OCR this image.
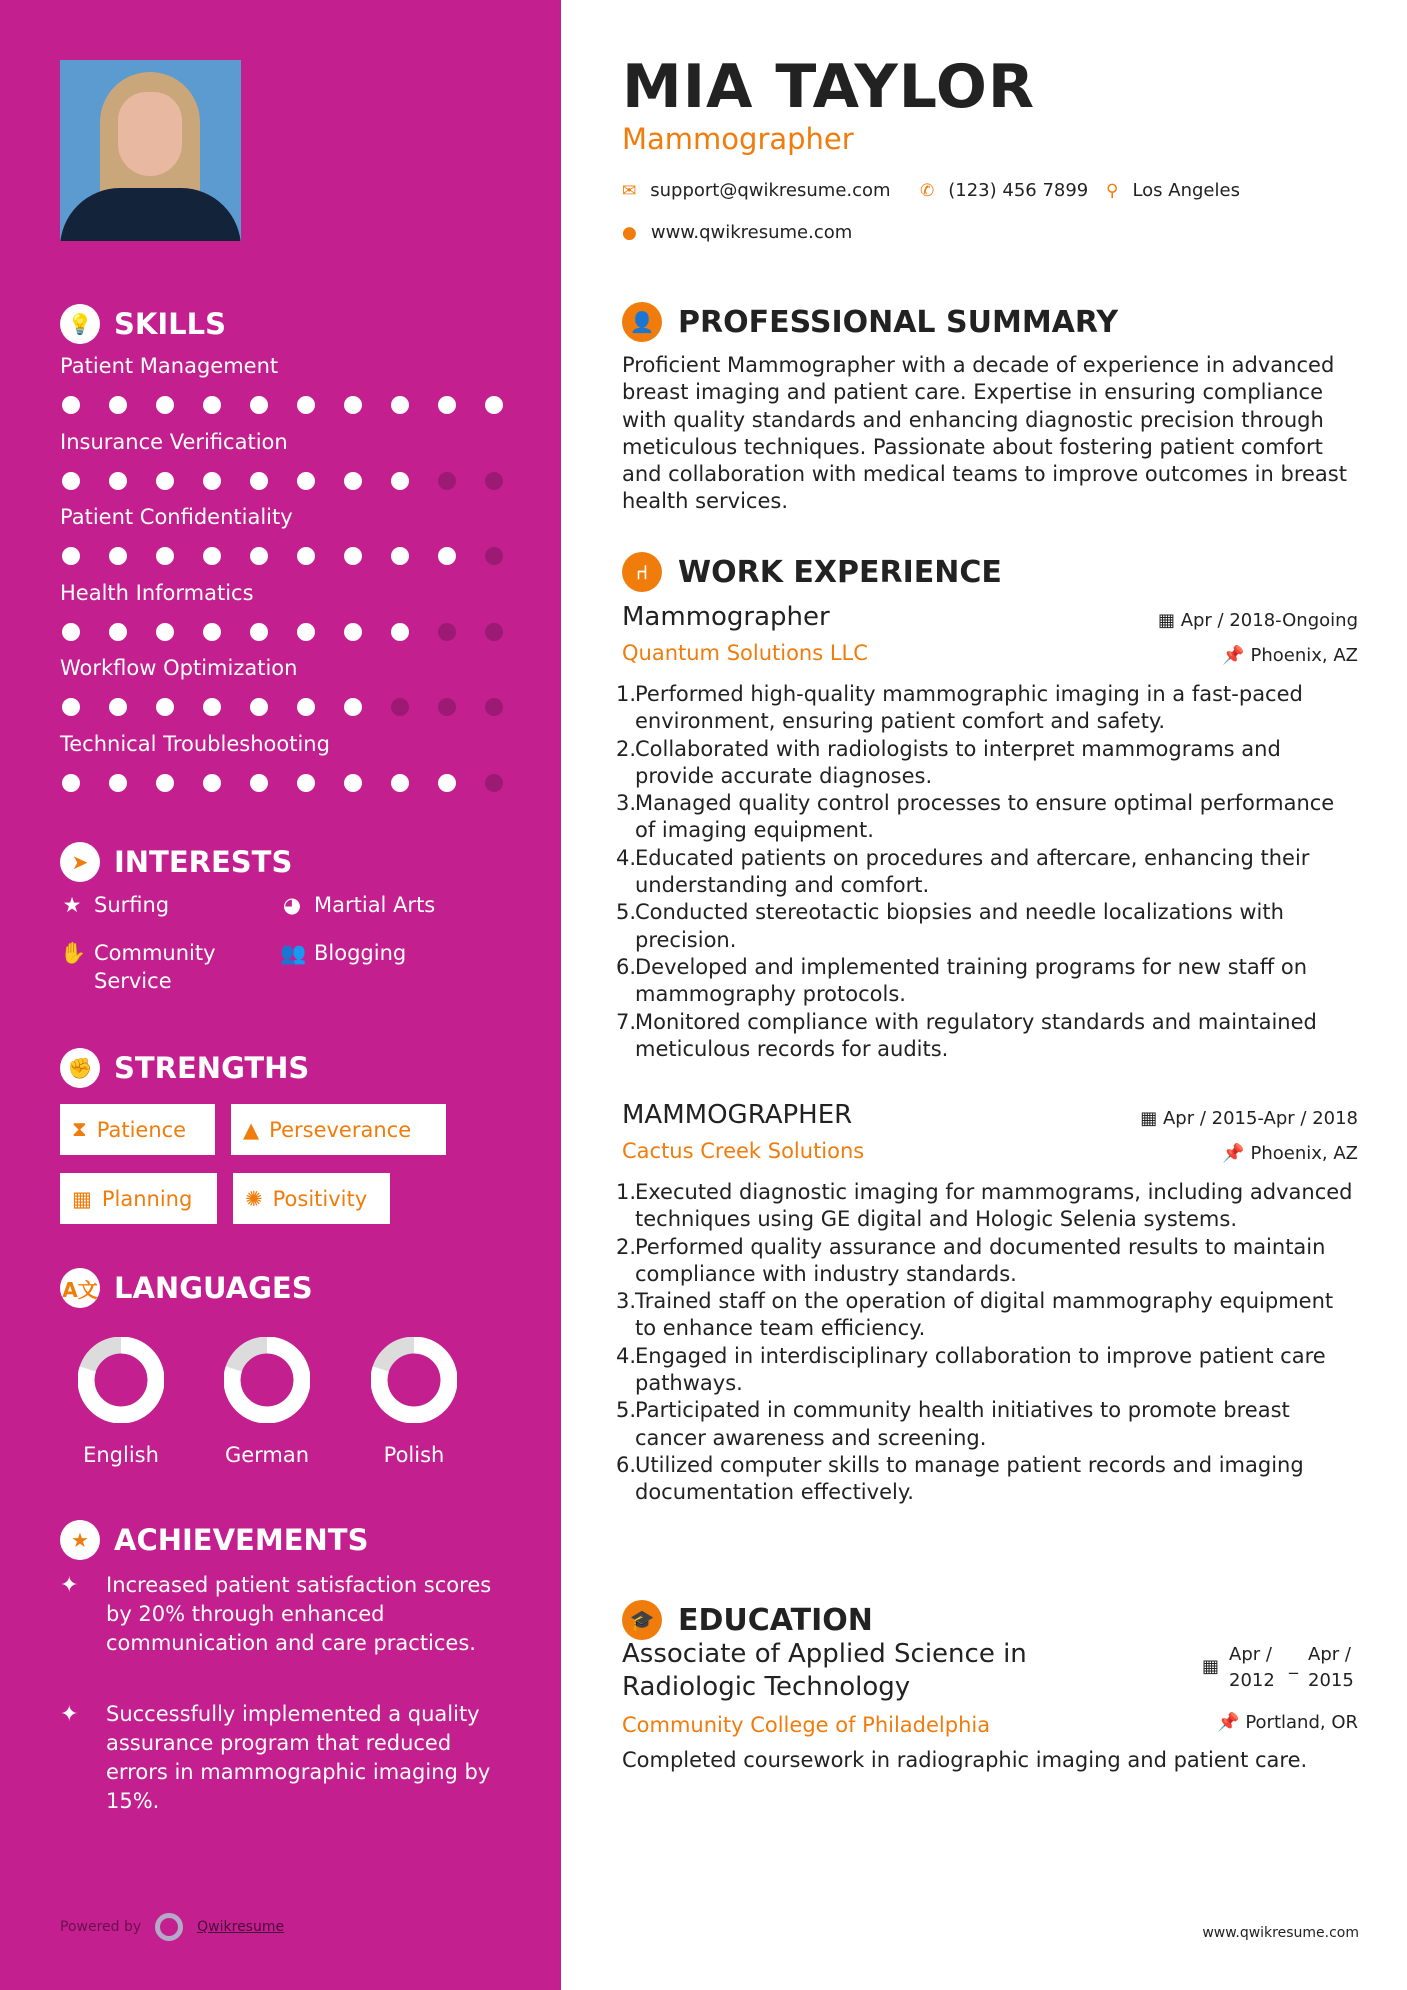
💡 SKILLS
Patient Management
Insurance Verification
Patient Confidentiality
Health Informatics
Workflow Optimization
Technical Troubleshooting
➤ INTERESTS
★ Surfing	◕ Martial Arts
✋ Community Service
👥 Blogging
✊ STRENGTHS
⧗ Patience	▲ Perseverance
▦ Planning	✺ Positivity
A文 LANGUAGES
English	German	Polish
★ ACHIEVEMENTS
✦	Increased patient satisfaction scores by 20% through enhanced communication and care practices.
✦	Successfully implemented a quality assurance program that reduced errors in mammographic imaging by 15%.
Powered by	Qwikresume
MIA TAYLOR
Mammographer
✉ support@qwikresume.com ✆ (123) 456 7899 ⚲ Los Angeles
● www.qwikresume.com
👤 PROFESSIONAL SUMMARY
Proficient Mammographer with a decade of experience in advanced breast imaging and patient care. Expertise in ensuring compliance with quality standards and enhancing diagnostic precision through meticulous techniques. Passionate about fostering patient comfort and collaboration with medical teams to improve outcomes in breast health services.
⑁	WORK EXPERIENCE
Mammographer
Quantum Solutions LLC
▦ Apr / 2018-Ongoing
📌 Phoenix, AZ
1.
Performed high-quality mammographic imaging in a fast-paced environment, ensuring patient comfort and safety.
2.
Collaborated with radiologists to interpret mammograms and provide accurate diagnoses.
3.
Managed quality control processes to ensure optimal performance of imaging equipment.
4.
Educated patients on procedures and aftercare, enhancing their understanding and comfort.
5.
Conducted stereotactic biopsies and needle localizations with precision.
6.
Developed and implemented training programs for new staff on mammography protocols.
7.
Monitored compliance with regulatory standards and maintained meticulous records for audits.
MAMMOGRAPHER
Cactus Creek Solutions
▦ Apr / 2015-Apr / 2018
📌 Phoenix, AZ
1.
Executed diagnostic imaging for mammograms, including advanced techniques using GE digital and Hologic Selenia systems.
2.
Performed quality assurance and documented results to maintain compliance with industry standards.
3.
Trained staff on the operation of digital mammography equipment to enhance team efficiency.
4.
Engaged in interdisciplinary collaboration to improve patient care pathways.
5.
Participated in community health initiatives to promote breast cancer awareness and screening.
6.
Utilized computer skills to manage patient records and imaging documentation effectively.
🎓 EDUCATION
Associate of Applied Science in Radiologic Technology
Community College of Philadelphia
▦
Apr / 2012
_ Apr / 2015
📌 Portland, OR
Completed coursework in radiographic imaging and patient care.
www.qwikresume.com
